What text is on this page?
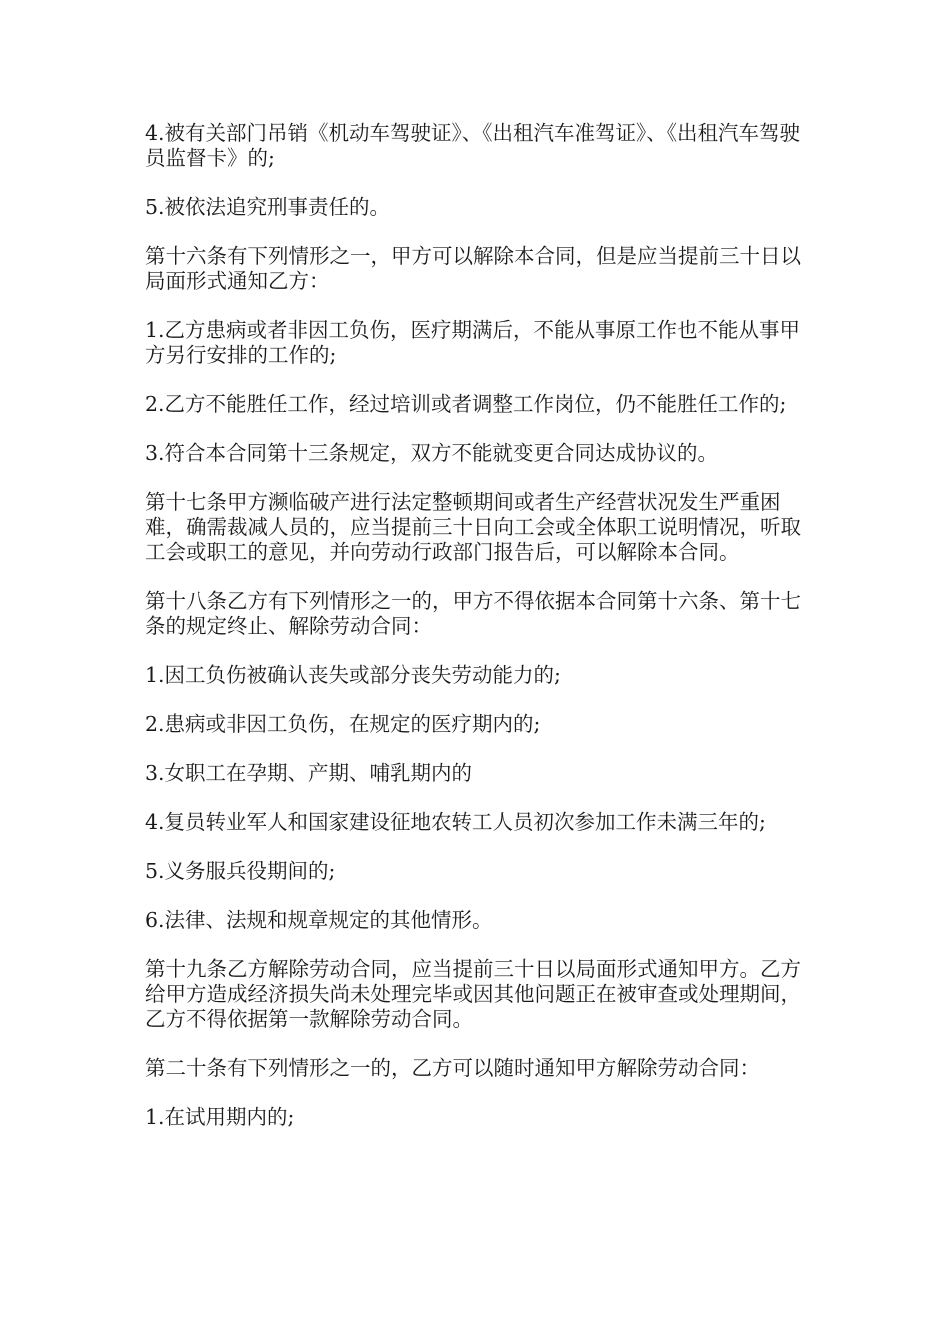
4.被有关部门吊销《机动车驾驶证》、《出租汽车准驾证》、《出租汽车驾驶员监督卡》的;

5.被依法追究刑事责任的。

第十六条有下列情形之一，甲方可以解除本合同，但是应当提前三十日以局面形式通知乙方：

1.乙方患病或者非因工负伤，医疗期满后，不能从事原工作也不能从事甲方另行安排的工作的;

2.乙方不能胜任工作，经过培训或者调整工作岗位，仍不能胜任工作的;

3.符合本合同第十三条规定，双方不能就变更合同达成协议的。

第十七条甲方濒临破产进行法定整顿期间或者生产经营状况发生严重困难，确需裁减人员的，应当提前三十日向工会或全体职工说明情况，听取工会或职工的意见，并向劳动行政部门报告后，可以解除本合同。

第十八条乙方有下列情形之一的，甲方不得依据本合同第十六条、第十七条的规定终止、解除劳动合同：

1.因工负伤被确认丧失或部分丧失劳动能力的;

2.患病或非因工负伤，在规定的医疗期内的;

3.女职工在孕期、产期、哺乳期内的

4.复员转业军人和国家建设征地农转工人员初次参加工作未满三年的;

5.义务服兵役期间的;

6.法律、法规和规章规定的其他情形。

第十九条乙方解除劳动合同，应当提前三十日以局面形式通知甲方。乙方给甲方造成经济损失尚未处理完毕或因其他问题正在被审查或处理期间，乙方不得依据第一款解除劳动合同。

第二十条有下列情形之一的，乙方可以随时通知甲方解除劳动合同：

1.在试用期内的;
